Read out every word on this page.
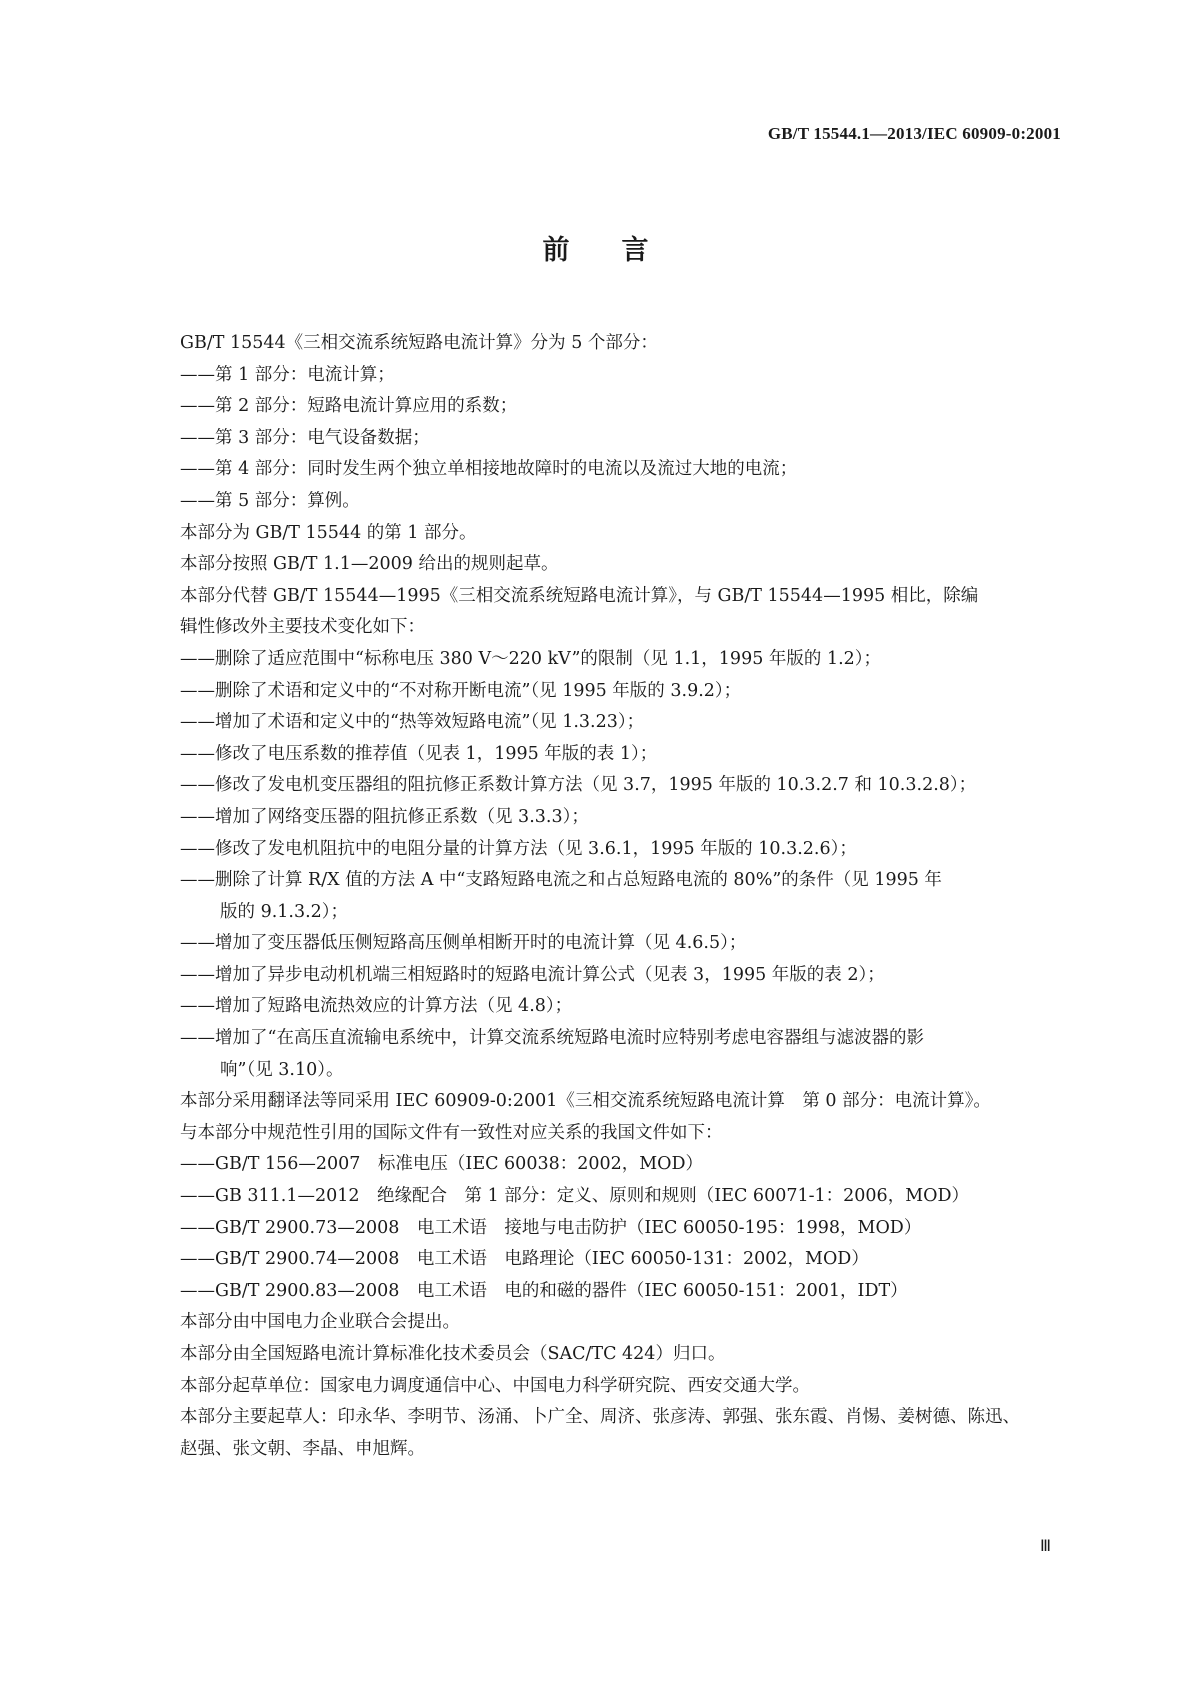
GB/T 15544.1—2013/IEC 60909-0:2001
前言
GB/T 15544《三相交流系统短路电流计算》分为 5 个部分：
——第 1 部分：电流计算；
——第 2 部分：短路电流计算应用的系数；
——第 3 部分：电气设备数据；
——第 4 部分：同时发生两个独立单相接地故障时的电流以及流过大地的电流；
——第 5 部分：算例。
本部分为 GB/T 15544 的第 1 部分。
本部分按照 GB/T 1.1—2009 给出的规则起草。
本部分代替 GB/T 15544—1995《三相交流系统短路电流计算》，与 GB/T 15544—1995 相比，除编
辑性修改外主要技术变化如下：
——删除了适应范围中“标称电压 380 V～220 kV”的限制（见 1.1，1995 年版的 1.2）；
——删除了术语和定义中的“不对称开断电流”（见 1995 年版的 3.9.2）；
——增加了术语和定义中的“热等效短路电流”（见 1.3.23）；
——修改了电压系数的推荐值（见表 1，1995 年版的表 1）；
——修改了发电机变压器组的阻抗修正系数计算方法（见 3.7，1995 年版的 10.3.2.7 和 10.3.2.8）；
——增加了网络变压器的阻抗修正系数（见 3.3.3）；
——修改了发电机阻抗中的电阻分量的计算方法（见 3.6.1，1995 年版的 10.3.2.6）；
——删除了计算 R/X 值的方法 A 中“支路短路电流之和占总短路电流的 80%”的条件（见 1995 年
版的 9.1.3.2）；
——增加了变压器低压侧短路高压侧单相断开时的电流计算（见 4.6.5）；
——增加了异步电动机机端三相短路时的短路电流计算公式（见表 3，1995 年版的表 2）；
——增加了短路电流热效应的计算方法（见 4.8）；
——增加了“在高压直流输电系统中，计算交流系统短路电流时应特别考虑电容器组与滤波器的影
响”（见 3.10）。
本部分采用翻译法等同采用 IEC 60909-0:2001《三相交流系统短路电流计算　第 0 部分：电流计算》。
与本部分中规范性引用的国际文件有一致性对应关系的我国文件如下：
——GB/T 156—2007　标准电压（IEC 60038：2002，MOD）
——GB 311.1—2012　绝缘配合　第 1 部分：定义、原则和规则（IEC 60071-1：2006，MOD）
——GB/T 2900.73—2008　电工术语　接地与电击防护（IEC 60050-195：1998，MOD）
——GB/T 2900.74—2008　电工术语　电路理论（IEC 60050-131：2002，MOD）
——GB/T 2900.83—2008　电工术语　电的和磁的器件（IEC 60050-151：2001，IDT）
本部分由中国电力企业联合会提出。
本部分由全国短路电流计算标准化技术委员会（SAC/TC 424）归口。
本部分起草单位：国家电力调度通信中心、中国电力科学研究院、西安交通大学。
本部分主要起草人：印永华、李明节、汤涌、卜广全、周济、张彦涛、郭强、张东霞、肖惕、姜树德、陈迅、
赵强、张文朝、李晶、申旭辉。
Ⅲ
